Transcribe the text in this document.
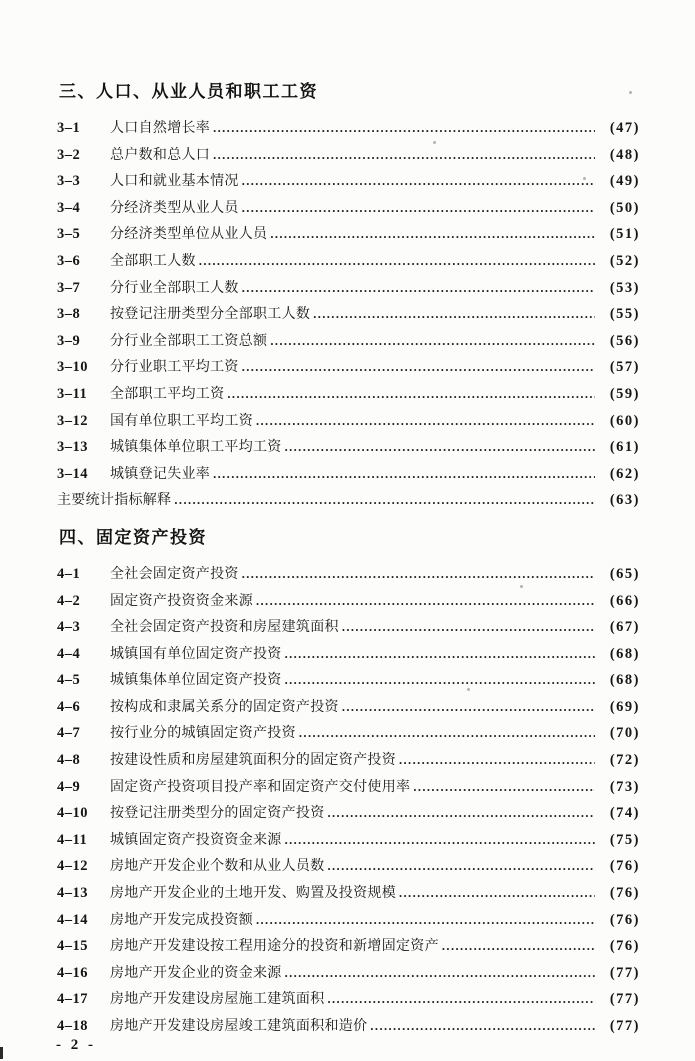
三、人口、从业人员和职工工资
3–1	人口自然增长率 .....	(47)
3–2	总户数和总人口 .....	(48)
3–3	人口和就业基本情况 .....	(49)
3–4	分经济类型从业人员 .....	(50)
3–5	分经济类型单位从业人员 .....	(51)
3–6	全部职工人数 .....	(52)
3–7	分行业全部职工人数 .....	(53)
3–8	按登记注册类型分全部职工人数 .....	(55)
3–9	分行业全部职工工资总额 .....	(56)
3–10	分行业职工平均工资 .....	(57)
3–11	全部职工平均工资 .....	(59)
3–12	国有单位职工平均工资 .....	(60)
3–13	城镇集体单位职工平均工资 .....	(61)
3–14	城镇登记失业率 .....	(62)
主要统计指标解释 .....	(63)
四、固定资产投资
4–1	全社会固定资产投资 .....	(65)
4–2	固定资产投资资金来源 .....	(66)
4–3	全社会固定资产投资和房屋建筑面积 .....	(67)
4–4	城镇国有单位固定资产投资 .....	(68)
4–5	城镇集体单位固定资产投资 .....	(68)
4–6	按构成和隶属关系分的固定资产投资 .....	(69)
4–7	按行业分的城镇固定资产投资 .....	(70)
4–8	按建设性质和房屋建筑面积分的固定资产投资 .....	(72)
4–9	固定资产投资项目投产率和固定资产交付使用率 .....	(73)
4–10	按登记注册类型分的固定资产投资 .....	(74)
4–11	城镇固定资产投资资金来源 .....	(75)
4–12	房地产开发企业个数和从业人员数 .....	(76)
4–13	房地产开发企业的土地开发、购置及投资规模 .....	(76)
4–14	房地产开发完成投资额 .....	(76)
4–15	房地产开发建设按工程用途分的投资和新增固定资产 .....	(76)
4–16	房地产开发企业的资金来源 .....	(77)
4–17	房地产开发建设房屋施工建筑面积 .....	(77)
4–18	房地产开发建设房屋竣工建筑面积和造价 .....	(77)
- 2 -
